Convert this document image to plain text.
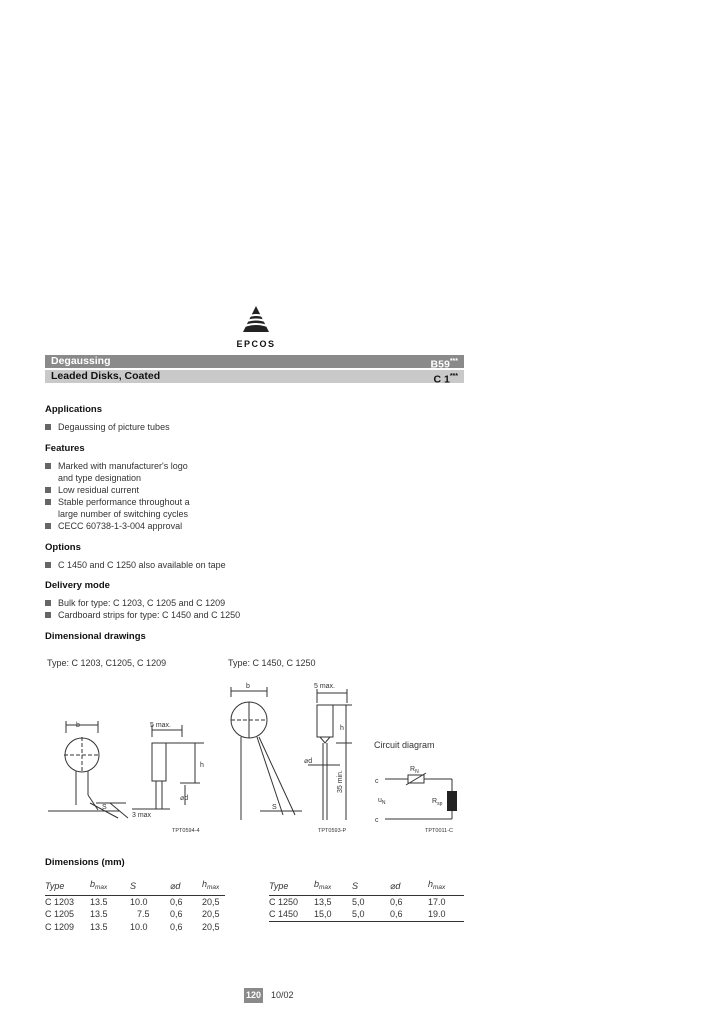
EPCOS
Degaussing	B59***
Leaded Disks, Coated	C 1***
Applications
Degaussing of picture tubes
Features
Marked with manufacturer's logo
and type designation
Low residual current
Stable performance throughout a
large number of switching cycles
CECC 60738-1-3-004 approval
Options
C 1450 and C 1250 also available on tape
Delivery mode
Bulk for type: C 1203, C 1205 and C 1209
Cardboard strips for type: C 1450 and C 1250
Dimensional drawings
Type: C 1203, C1205, C 1209	Type: C 1450, C 1250
b
S
5 max.
3 max
h
⌀d
TPT0594-4
b
S
5 max.
h
⌀d
35 min.
TPT0593-P
Circuit diagram
c
c
$R_N$
$u_N$	$R_{sp}$
TPT0011-C
Dimensions (mm)
Type	$b_{max}$	S	⌀d	$h_{max}$
C 1203	13.5	10.0	0,6	20,5
C 1205	13.5	7.5	0,6	20,5
C 1209	13.5	10.0	0,6	20,5
Type	$b_{max}$	S	⌀d	$h_{max}$
C 1250	13,5	5,0	0,6	17.0
C 1450	15,0	5,0	0,6	19.0
120 10/02
